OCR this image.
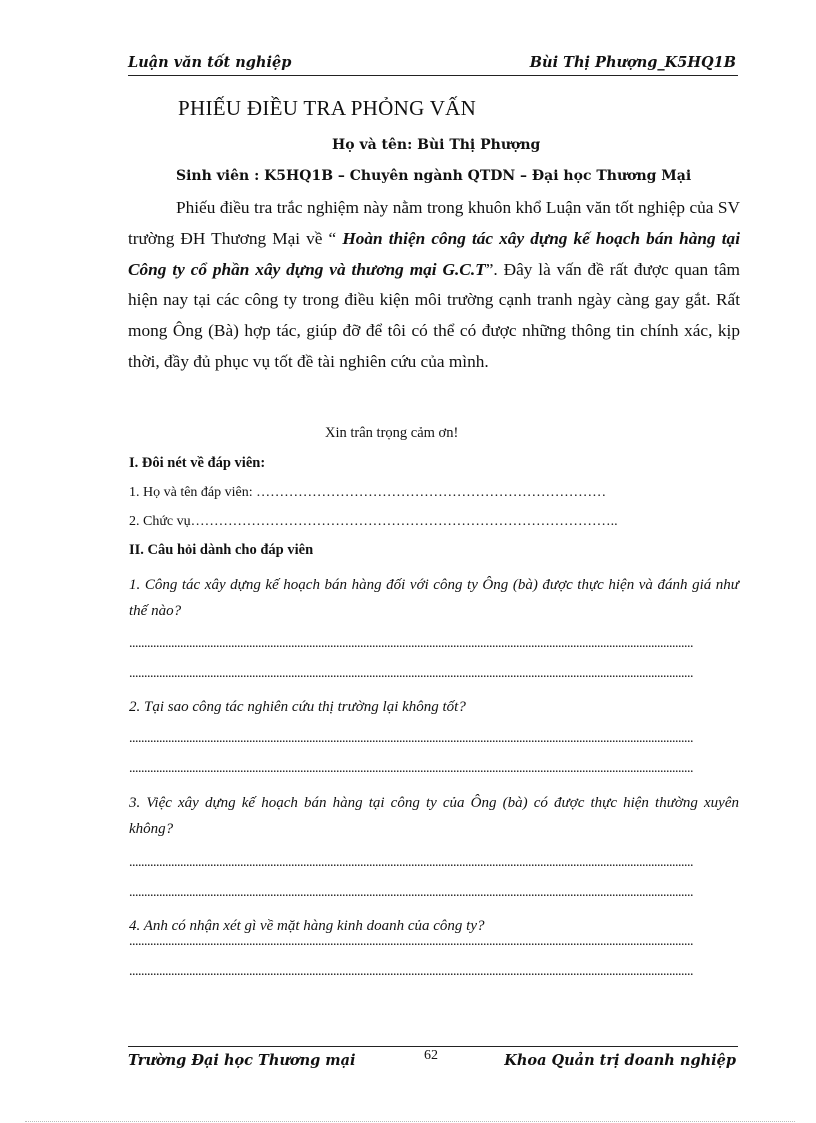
Luận văn tốt nghiệp	Bùi Thị Phượng_K5HQ1B
PHIẾU ĐIỀU TRA PHỎNG VẤN
Họ và tên: Bùi Thị Phượng
Sinh viên : K5HQ1B – Chuyên ngành QTDN – Đại học Thương Mại
Phiếu điều tra trắc nghiệm này nằm trong khuôn khổ Luận văn tốt nghiệp của SV trường ĐH Thương Mại về “ Hoàn thiện công tác xây dựng kế hoạch bán hàng tại Công ty cổ phần xây dựng và thương mại G.C.T”. Đây là vấn đề rất được quan tâm hiện nay tại các công ty trong điều kiện môi trường cạnh tranh ngày càng gay gắt. Rất mong Ông (Bà) hợp tác, giúp đỡ để tôi có thể có được những thông tin chính xác, kịp thời, đầy đủ phục vụ tốt đề tài nghiên cứu của mình.
Xin trân trọng cảm ơn!
I. Đôi nét về đáp viên:
1. Họ và tên đáp viên: …………………………………………………………………
2. Chức vụ………………………………………………………………………………..
II. Câu hỏi dành cho đáp viên
1. Công tác xây dựng kế hoạch bán hàng đối với công ty Ông (bà) được thực hiện và đánh giá như thế nào?
............................................................................................................................................................................................
............................................................................................................................................................................................
2. Tại sao công tác nghiên cứu thị trường lại không tốt?
............................................................................................................................................................................................
............................................................................................................................................................................................
3. Việc xây dựng kế hoạch bán hàng tại công ty của Ông (bà) có được thực hiện thường xuyên không?
............................................................................................................................................................................................
............................................................................................................................................................................................
4. Anh có nhận xét gì về mặt hàng kinh doanh của công ty?
............................................................................................................................................................................................
............................................................................................................................................................................................
Trường Đại học Thương mại	Khoa Quản trị doanh nghiệp
62
